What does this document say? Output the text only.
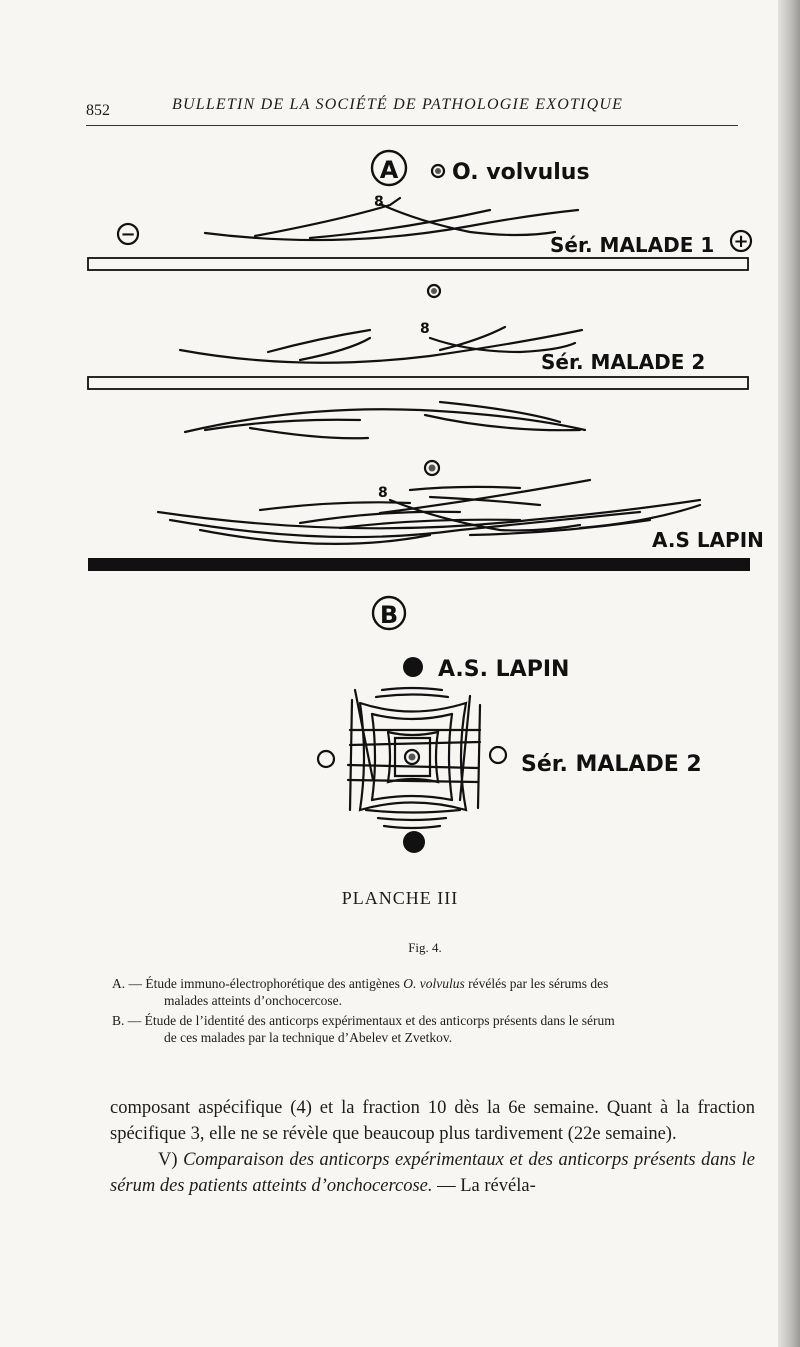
852	BULLETIN DE LA SOCIÉTÉ DE PATHOLOGIE EXOTIQUE
A O. volvulus
−	+
8
Sér. MALADE 1
8
Sér. MALADE 2
8
A.S LAPIN
B
A.S. LAPIN
Sér. MALADE 2
PLANCHE III
Fig. 4.
A. — Étude immuno-électrophorétique des antigènes O. volvulus révélés par les sérums des
malades atteints d’onchocercose.
B. — Étude de l’identité des anticorps expérimentaux et des anticorps présents dans le sérum
de ces malades par la technique d’Abelev et Zvetkov.

composant aspécifique (4) et la fraction 10 dès la 6e semaine. Quant à la fraction spécifique 3, elle ne se révèle que beaucoup plus tardivement (22e semaine).

V) Comparaison des anticorps expérimentaux et des anticorps présents dans le sérum des patients atteints d’onchocercose. — La révéla-
